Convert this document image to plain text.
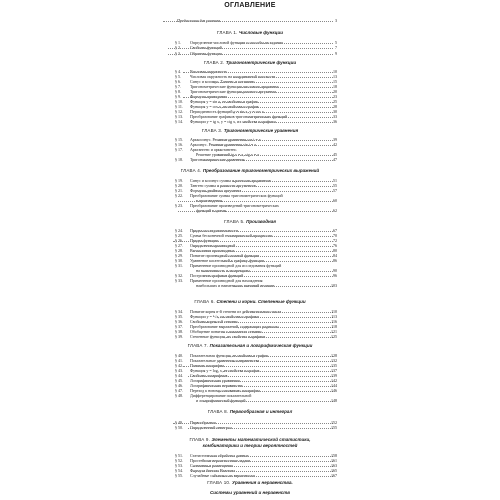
ОГЛАВЛЕНИЕ
Предисловие для учителя	3
ГЛАВА 1. Числовые функции
§ 1. Определение числовой функции и способы ее задания	5
§ 2. Свойства функций	7
§ 3. Обратная функция	9
ГЛАВА 2. Тригонометрические функции
§ 4. Числовая окружность	10
§ 5. Числовая окружность на координатной плоскости	13
§ 6. Синус и косинус. Тангенс и котангенс	15
§ 7. Тригонометрические функции числового аргумента	18
§ 8. Тригонометрические функции углового аргумента	20
§ 9. Формулы приведения	23
§ 10. Функция y = sin x, ее свойства и график	25
§ 11. Функция y = cos x, ее свойства и график	28
§ 12. Периодичность функций y = sin x, y = cos x	30
§ 13. Преобразование графиков тригонометрических функций	33
§ 14. Функции y = tg x, y = ctg x, их свойства и графики	36
ГЛАВА 3. Тригонометрические уравнения
§ 15. Арккосинус. Решение уравнения cos t = a	39
§ 16. Арксинус. Решение уравнения sin t = a	42
§ 17. Арктангенс и арккотангенс.
Решение уравнений tg x = a, ctg x = a	45
§ 18. Тригонометрические уравнения	47
ГЛАВА 4. Преобразование тригонометрических выражений
§ 19. Синус и косинус суммы и разности аргументов	51
§ 20. Тангенс суммы и разности аргументов	55
§ 21. Формулы двойного аргумента	57
§ 22. Преобразование суммы тригонометрических функций
в произведения	60
§ 23. Преобразование произведений тригонометрических
функций в суммы	62
ГЛАВА 5. Производная
§ 24. Предел последовательности	67
§ 25. Сумма бесконечной геометрической прогрессии	70
§ 26. Предел функции	72
§ 27. Определение производной	76
§ 28. Вычисление производных	80
§ 29. Понятие производной сложной функции	84
§ 30. Уравнение касательной к графику функции	86
§ 31. Применение производной для исследования функций
на монотонность и экстремумы	90
§ 32. Построение графиков функций	96
§ 33. Применение производной для нахождения
наибольших и наименьших значений величин	103
ГЛАВА 6. Степени и корни. Степенные функции
§ 34. Понятие корня n-й степени из действительного числа	110
§ 35. Функции y = ⁿ√x, их свойства и графики	113
§ 36. Свойства корня n-й степени	116
§ 37. Преобразование выражений, содержащих радикалы	118
§ 38. Обобщение понятия о показателе степени	121
§ 39. Степенные функции, их свойства и графики	125
ГЛАВА 7. Показательная и логарифмическая функции
§ 40. Показательная функция, ее свойства и график	128
§ 41. Показательные уравнения и неравенства	132
§ 42. Понятие логарифма	135
§ 43. Функция y = logₐ x, ее свойства и график	137
§ 44. Свойства логарифмов	139
§ 45. Логарифмические уравнения	142
§ 46. Логарифмические неравенства	144
§ 47. Переход к новому основанию логарифма	146
§ 48. Дифференцирование показательной
и логарифмической функций	148
ГЛАВА 8. Первообразная и интеграл
§ 49. Первообразная	152
§ 50. Определенный интеграл	155
ГЛАВА 9. Элементы математической статистики,
комбинаторики и теории вероятностей
§ 51. Статистическая обработка данных	158
§ 52. Простейшие вероятностные задачи	161
§ 53. Сочетания и размещения	163
§ 54. Формула бинома Ньютона	165
§ 55. Случайные события и их вероятности	167
ГЛАВА 10. Уравнения и неравенства.
Системы уравнений и неравенств
